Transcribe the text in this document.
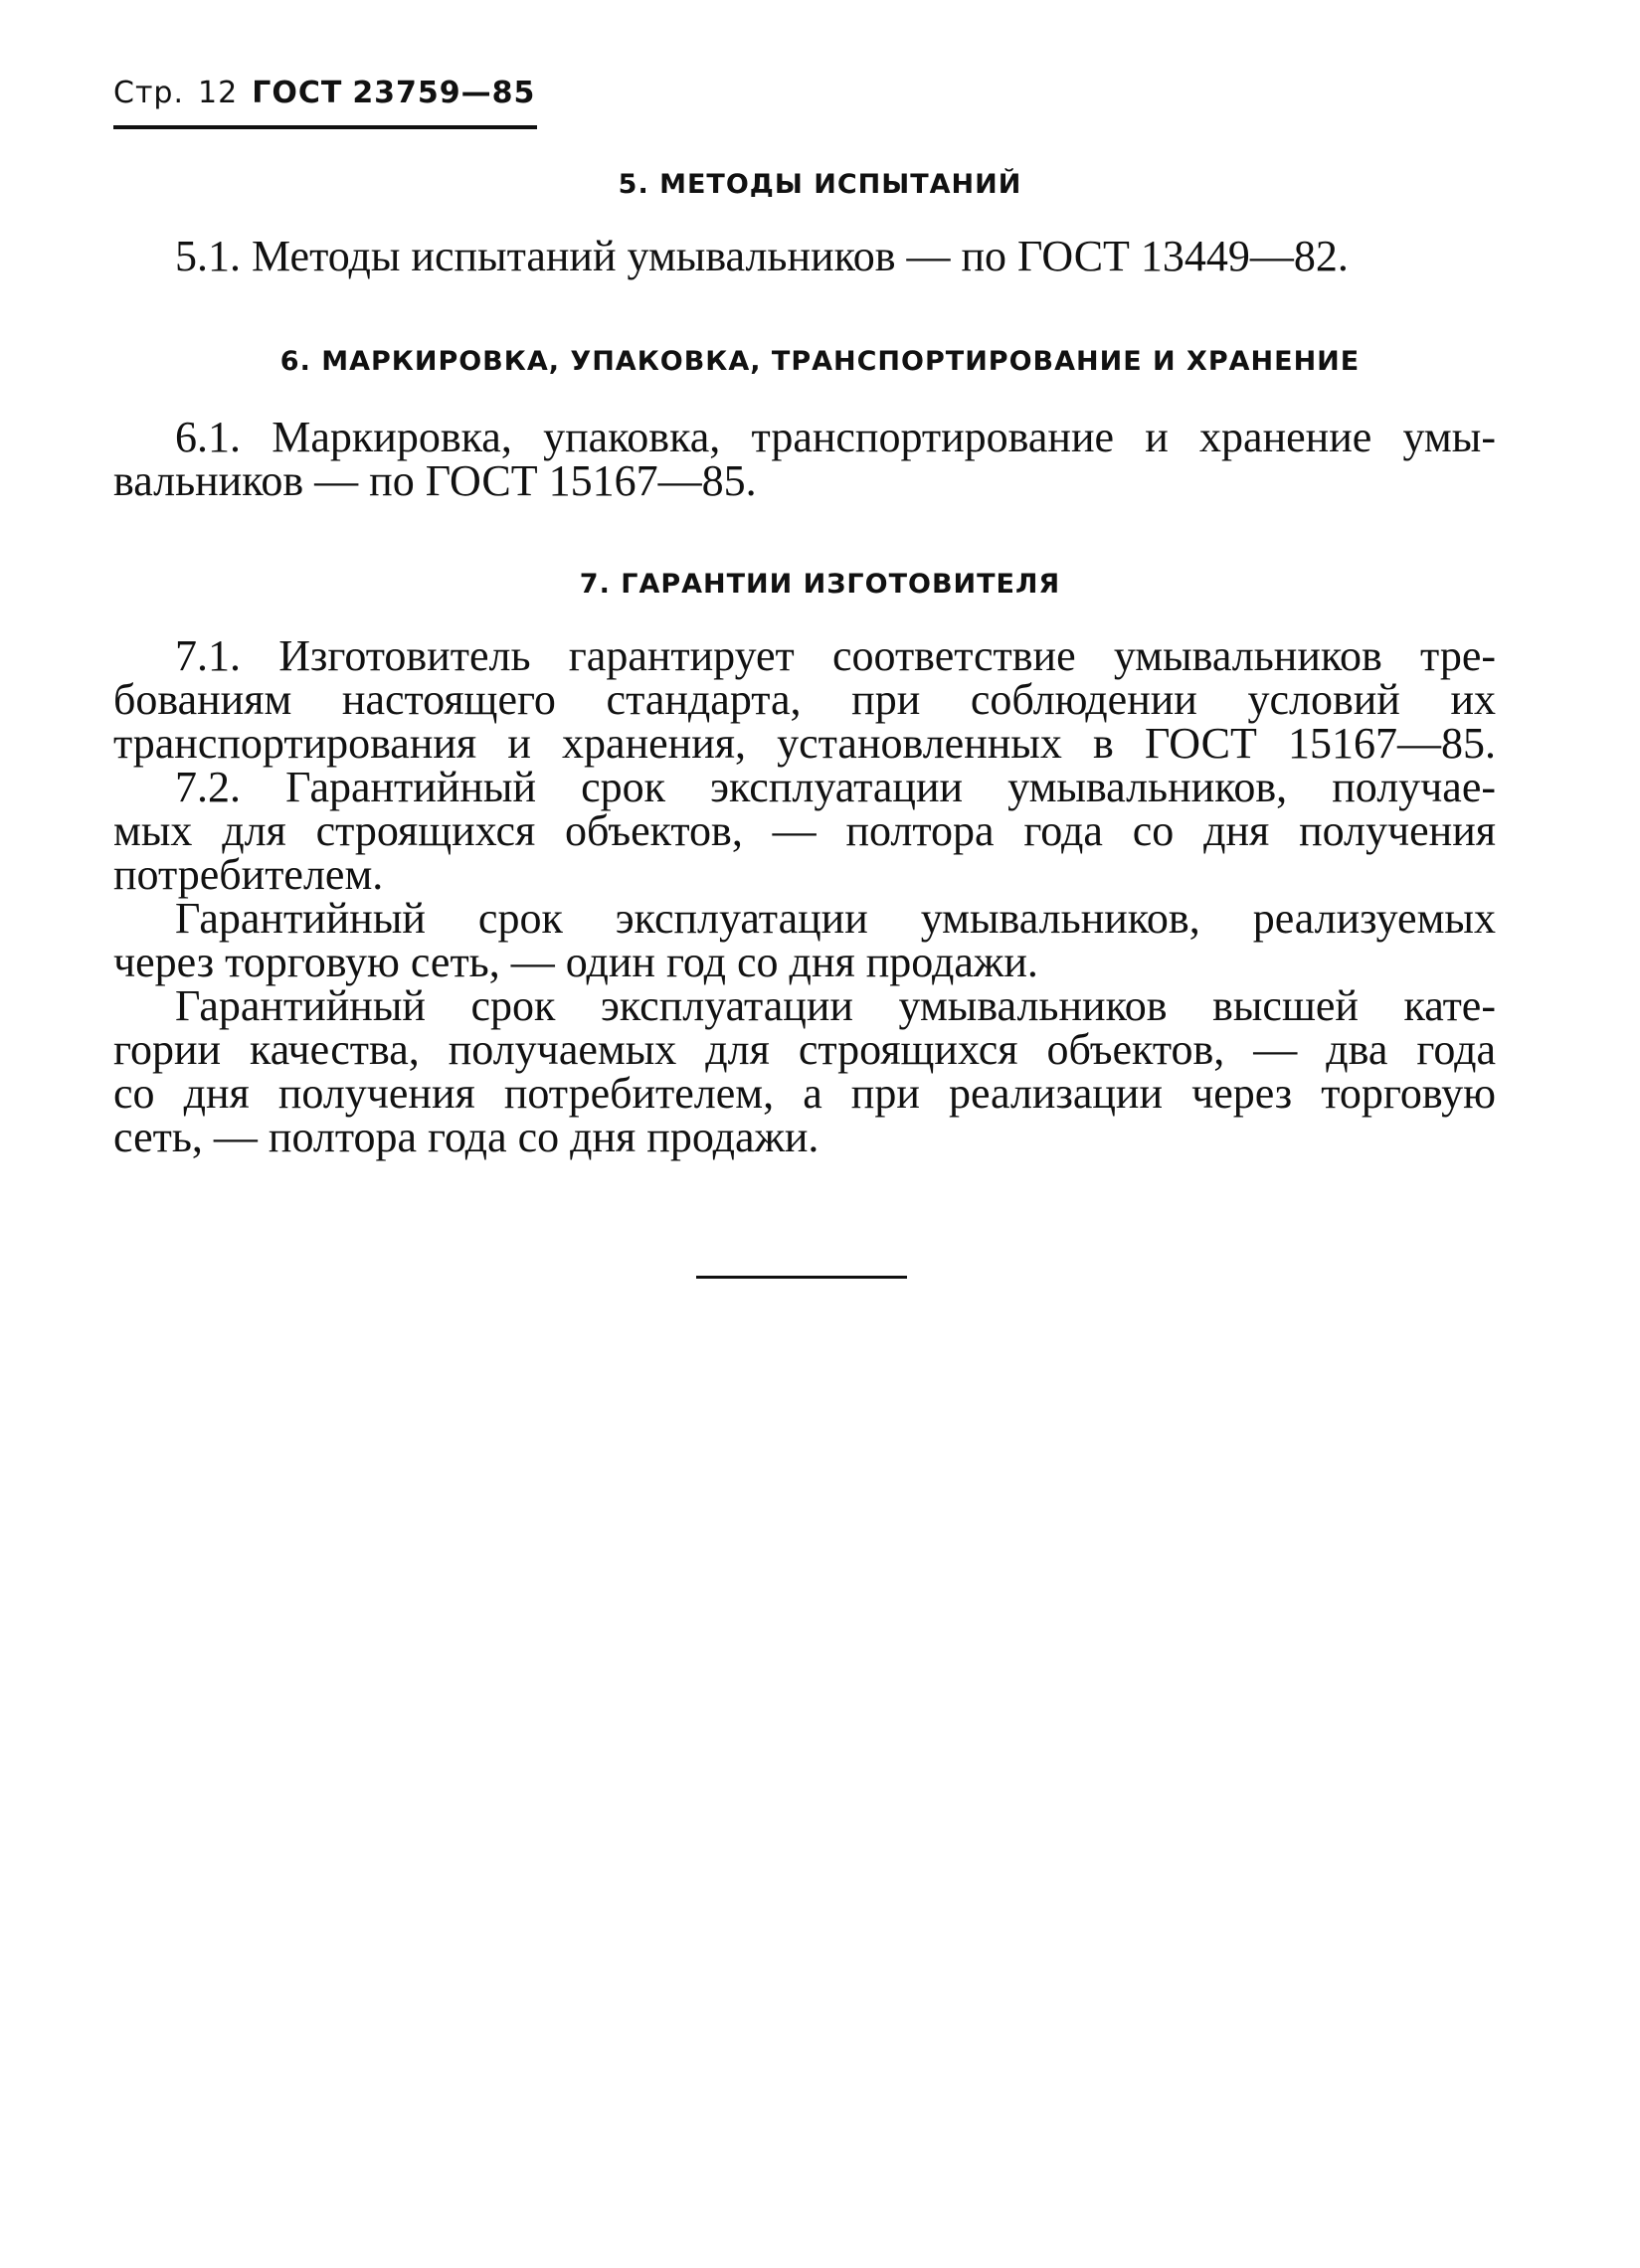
Стр. 12 ГОСТ 23759—85
5. МЕТОДЫ ИСПЫТАНИЙ
5.1. Методы испытаний умывальников — по ГОСТ 13449—82.
6. МАРКИРОВКА, УПАКОВКА, ТРАНСПОРТИРОВАНИЕ И ХРАНЕНИЕ
6.1. Маркировка, упаковка, транспортирование и хранение умы-
вальников — по ГОСТ 15167—85.
7. ГАРАНТИИ ИЗГОТОВИТЕЛЯ
7.1. Изготовитель гарантирует соответствие умывальников тре-
бованиям настоящего стандарта, при соблюдении условий их
транспортирования и хранения, установленных в ГОСТ 15167—85.
7.2. Гарантийный срок эксплуатации умывальников, получае-
мых для строящихся объектов, — полтора года со дня получения
потребителем.
Гарантийный срок эксплуатации умывальников, реализуемых
через торговую сеть, — один год со дня продажи.
Гарантийный срок эксплуатации умывальников высшей кате-
гории качества, получаемых для строящихся объектов, — два года
со дня получения потребителем, а при реализации через торговую
сеть, — полтора года со дня продажи.
